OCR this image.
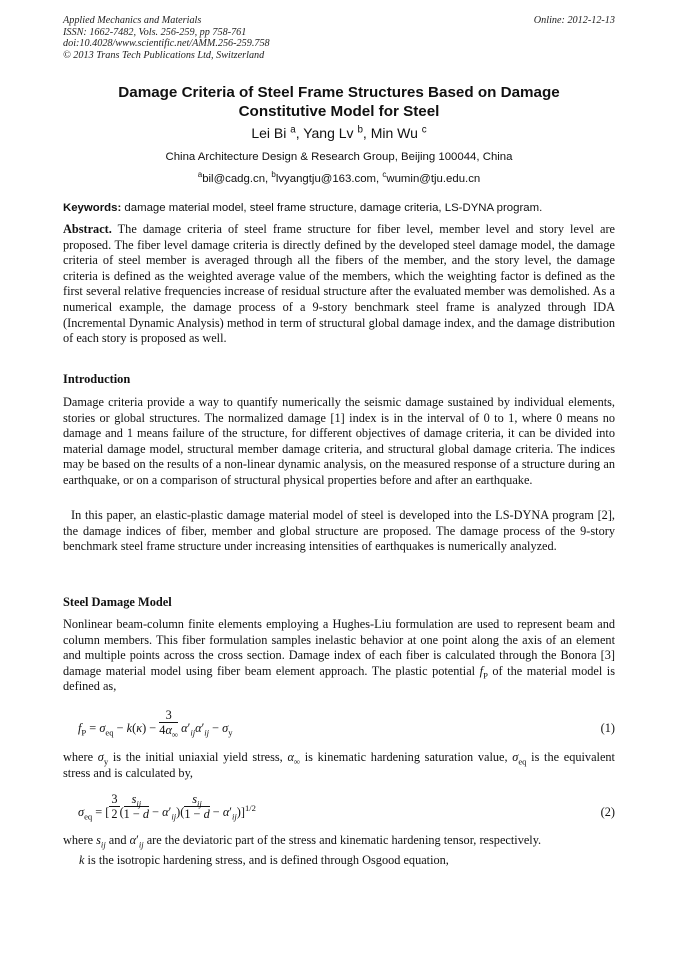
Applied Mechanics and Materials
ISSN: 1662-7482, Vols. 256-259, pp 758-761
doi:10.4028/www.scientific.net/AMM.256-259.758
© 2013 Trans Tech Publications Ltd, Switzerland
Online: 2012-12-13
Damage Criteria of Steel Frame Structures Based on Damage
Constitutive Model for Steel
Lei Bi $^a$, Yang Lv $^b$, Min Wu $^c$
China Architecture Design & Research Group, Beijing 100044, China
$^a$bil@cadg.cn, $^b$lvyangtju@163.com, $^c$wumin@tju.edu.cn
Keywords: damage material model, steel frame structure, damage criteria, LS-DYNA program.
Abstract. The damage criteria of steel frame structure for fiber level, member level and story level are proposed. The fiber level damage criteria is directly defined by the developed steel damage model, the damage criteria of steel member is averaged through all the fibers of the member, and the story level, the damage criteria is defined as the weighted average value of the members, which the weighting factor is defined as the first several relative frequencies increase of residual structure after the evaluated member was demolished. As a numerical example, the damage process of a 9-story benchmark steel frame is analyzed through IDA (Incremental Dynamic Analysis) method in term of structural global damage index, and the damage distribution of each story is proposed as well.
Introduction
Damage criteria provide a way to quantify numerically the seismic damage sustained by individual elements, stories or global structures. The normalized damage [1] index is in the interval of 0 to 1, where 0 means no damage and 1 means failure of the structure, for different objectives of damage criteria, it can be divided into material damage model, structural member damage criteria, and structural global damage criteria. The indices may be based on the results of a non-linear dynamic analysis, on the measured response of a structure during an earthquake, or on a comparison of structural physical properties before and after an earthquake.
In this paper, an elastic-plastic damage material model of steel is developed into the LS-DYNA program [2], the damage indices of fiber, member and global structure are proposed. The damage process of the 9-story benchmark steel frame structure under increasing intensities of earthquakes is numerically analyzed.
Steel Damage Model
Nonlinear beam-column finite elements employing a Hughes-Liu formulation are used to represent beam and column members. This fiber formulation samples inelastic behavior at one point along the axis of an element and multiple points across the cross section. Damage index of each fiber is calculated through the Bonora [3] damage material model using fiber beam element approach. The plastic potential $f_P$ of the material model is defined as,
$f_P = \sigma_{eq} - k(\kappa) - \frac{3}{4\alpha_\infty} \alpha'_{ij}\alpha'_{ij} - \sigma_y$	(1)
where $\sigma_y$ is the initial uniaxial yield stress, $\alpha_\infty$ is kinematic hardening saturation value, $\sigma_{eq}$ is the equivalent stress and is calculated by,
$\sigma_{eq}$ = [ $\frac{3}{2}$ ( $\frac{s_{ij}}{1 - d} - \alpha'_{ij})( \frac{s_{ij}}{1 - d} - \alpha'_{ij})]^{1/2}$	(2)
where $s_{ij}$ and $\alpha'_{ij}$ are the deviatoric part of the stress and kinematic hardening tensor, respectively.
k is the isotropic hardening stress, and is defined through Osgood equation,
